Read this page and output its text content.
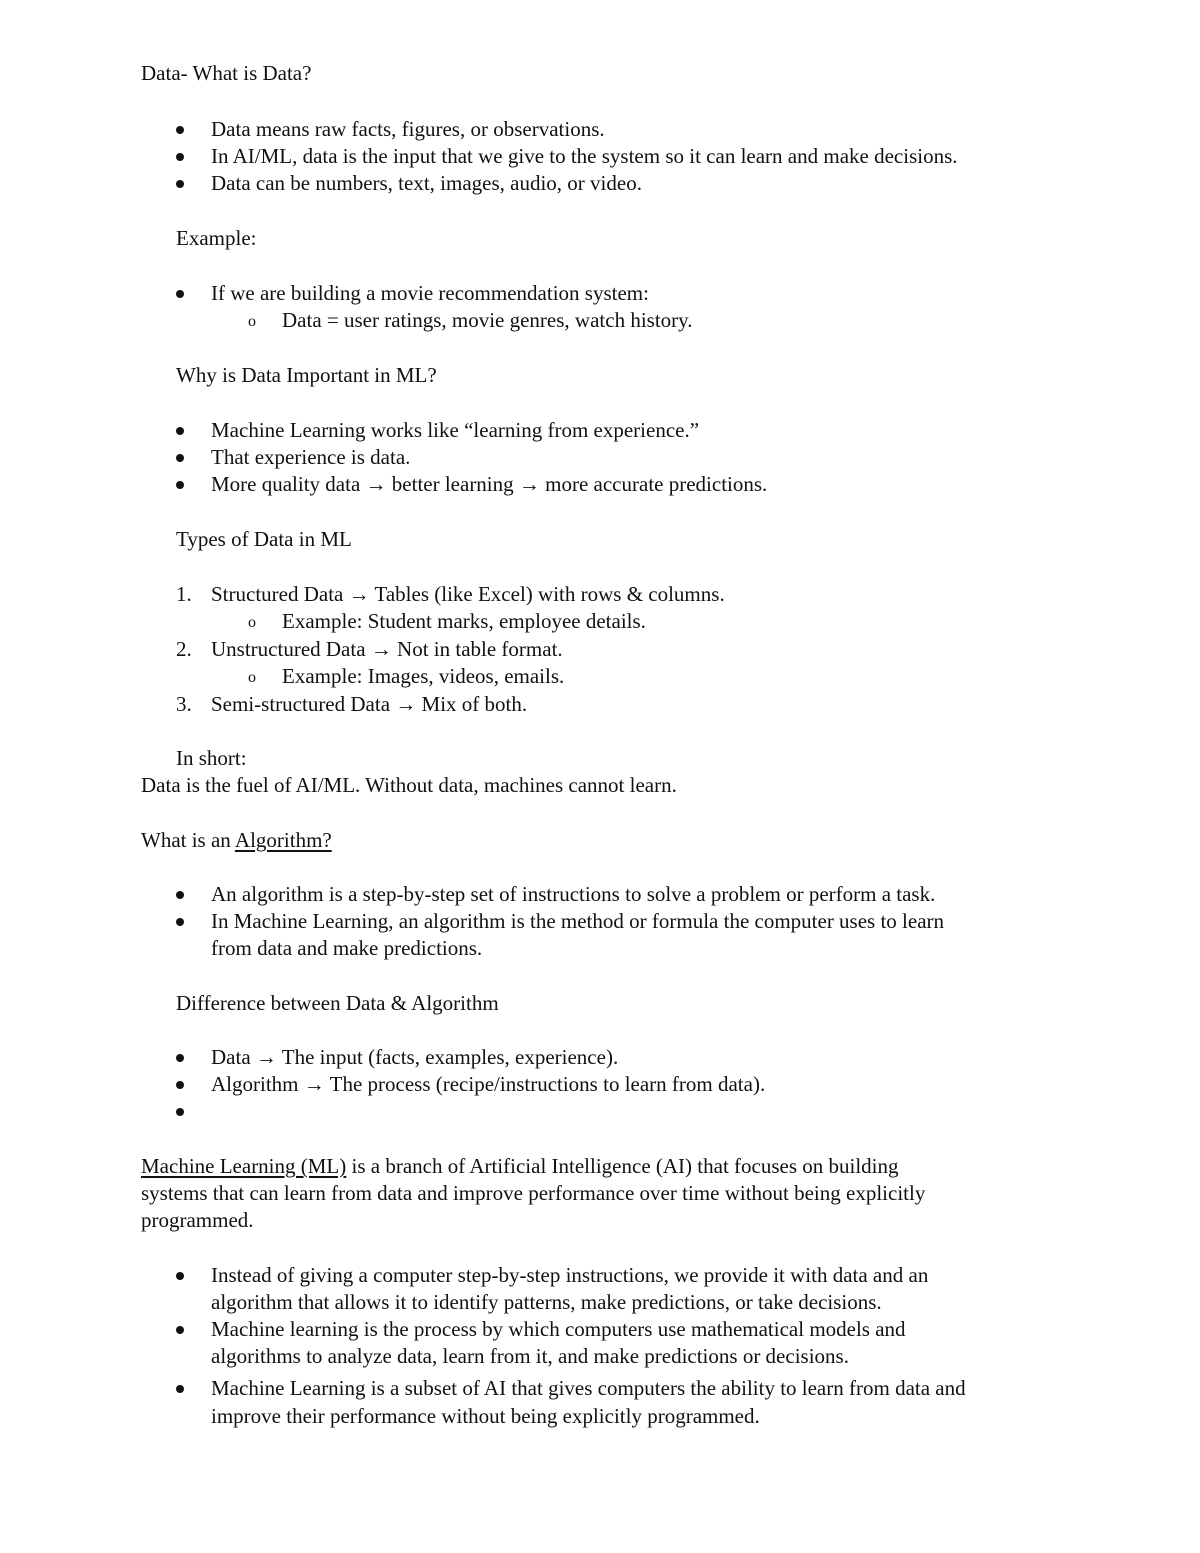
Data- What is Data?
Data means raw facts, figures, or observations.
In AI/ML, data is the input that we give to the system so it can learn and make decisions.
Data can be numbers, text, images, audio, or video.
Example:
If we are building a movie recommendation system:
o	Data = user ratings, movie genres, watch history.
Why is Data Important in ML?
Machine Learning works like “learning from experience.”
That experience is data.
More quality data → better learning → more accurate predictions.
Types of Data in ML
1. Structured Data → Tables (like Excel) with rows & columns.
o	Example: Student marks, employee details.
2. Unstructured Data → Not in table format.
o	Example: Images, videos, emails.
3. Semi-structured Data → Mix of both.
In short:
Data is the fuel of AI/ML. Without data, machines cannot learn.
What is an Algorithm?
An algorithm is a step-by-step set of instructions to solve a problem or perform a task.
In Machine Learning, an algorithm is the method or formula the computer uses to learn
from data and make predictions.
Difference between Data & Algorithm
Data → The input (facts, examples, experience).
Algorithm → The process (recipe/instructions to learn from data).
Machine Learning (ML) is a branch of Artificial Intelligence (AI) that focuses on building
systems that can learn from data and improve performance over time without being explicitly
programmed.
Instead of giving a computer step-by-step instructions, we provide it with data and an
algorithm that allows it to identify patterns, make predictions, or take decisions.
Machine learning is the process by which computers use mathematical models and
algorithms to analyze data, learn from it, and make predictions or decisions.
Machine Learning is a subset of AI that gives computers the ability to learn from data and
improve their performance without being explicitly programmed.
